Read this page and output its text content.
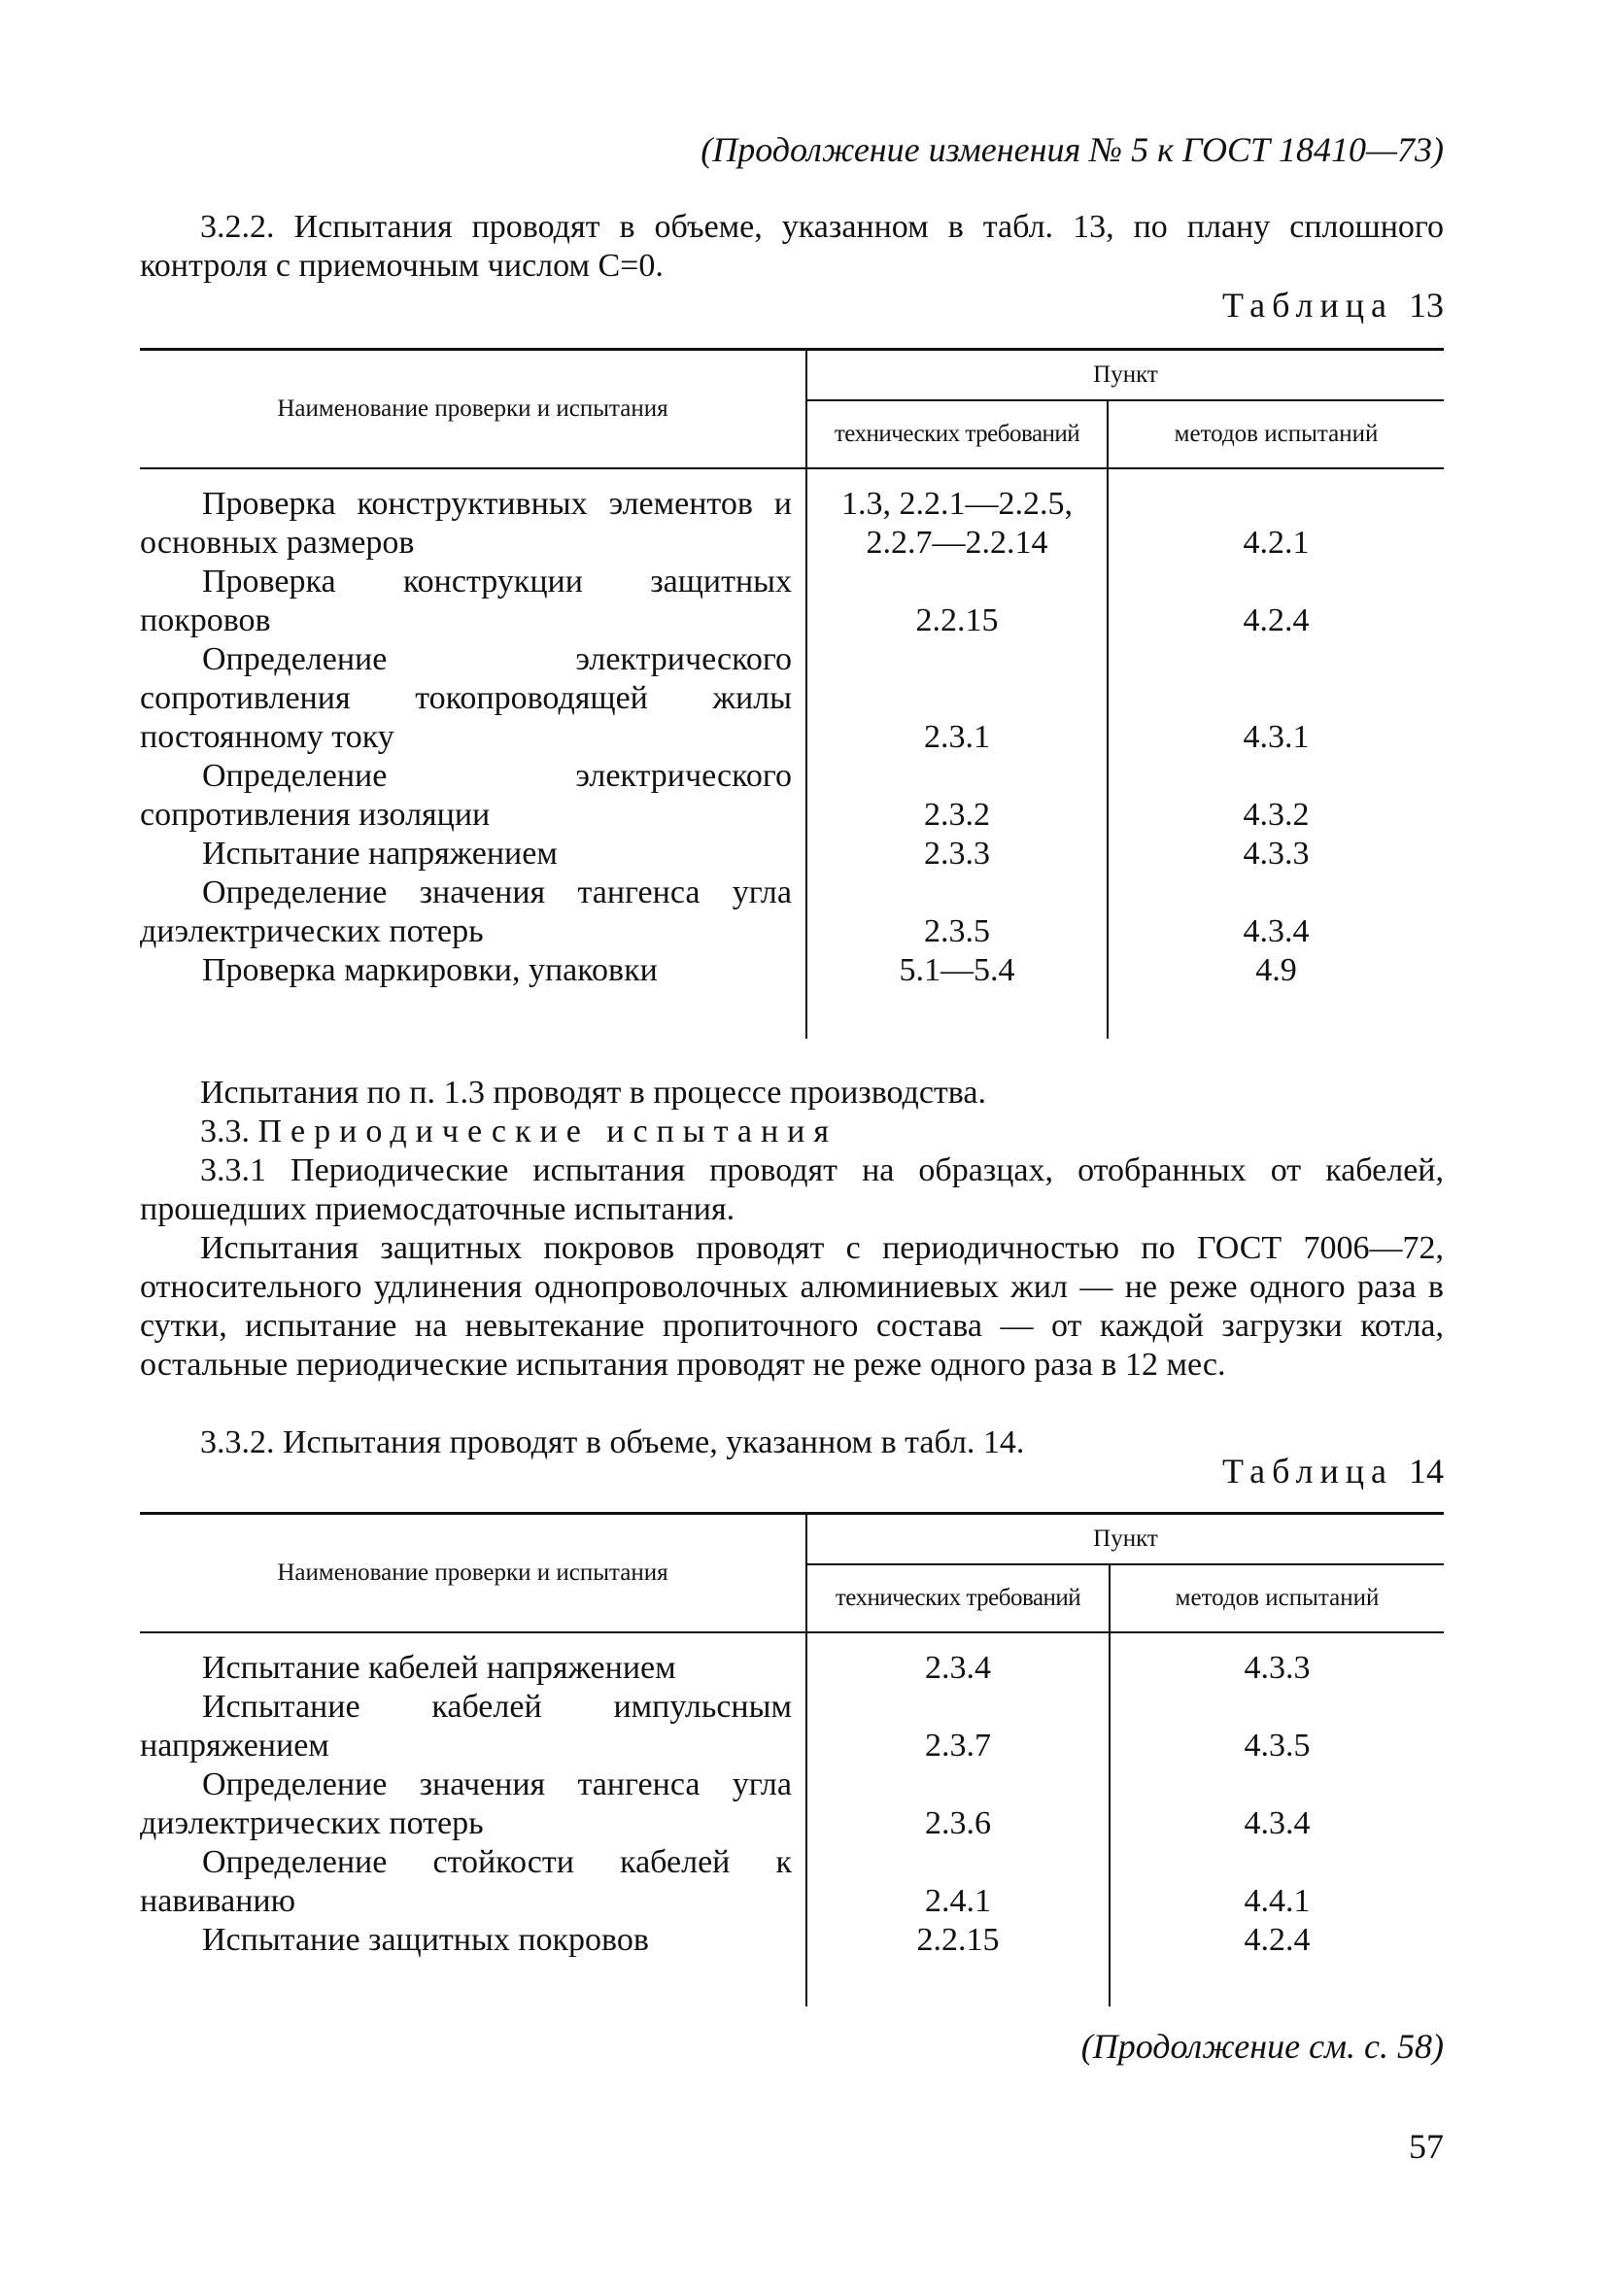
(Продолжение изменения № 5 к ГОСТ 18410—73)

3.2.2. Испытания проводят в объеме, указанном в табл. 13, по плану сплошного контроля с приемочным числом С=0.

Таблица 13
Наименование проверки и испытания	Пункт	
	технических требований	методов испытаний

Проверка конструктивных элементов и основных размеров	1.3, 2.2.1—2.2.5, 2.2.7—2.2.14	4.2.1

Проверка конструкции защитных покровов	2.2.15	4.2.4

Определение электрического сопротивления токопроводящей жилы постоянному току	2.3.1	4.3.1

Определение электрического сопротивления изоляции	2.3.2	4.3.2

Испытание напряжением	2.3.3	4.3.3

Определение значения тангенса угла диэлектрических потерь	2.3.5	4.3.4

Проверка маркировки, упаковки	5.1—5.4	4.9

Испытания по п. 1.3 проводят в процессе производства.

3.3. Периодические испытания

3.3.1 Периодические испытания проводят на образцах, отобранных от кабелей, прошедших приемосдаточные испытания.

Испытания защитных покровов проводят с периодичностью по ГОСТ 7006—72, относительного удлинения однопроволочных алюминиевых жил — не реже одного раза в сутки, испытание на невытекание пропиточного состава — от каждой загрузки котла, остальные периодические испытания проводят не реже одного раза в 12 мес.

3.3.2. Испытания проводят в объеме, указанном в табл. 14.

Таблица 14
Наименование проверки и испытания	Пункт	
	технических требований	методов испытаний

Испытание кабелей напряжением	2.3.4	4.3.3

Испытание кабелей импульсным напряжением	2.3.7	4.3.5

Определение значения тангенса угла диэлектрических потерь	2.3.6	4.3.4

Определение стойкости кабелей к навиванию	2.4.1	4.4.1

Испытание защитных покровов	2.2.15	4.2.4

(Продолжение см. с. 58)
57
